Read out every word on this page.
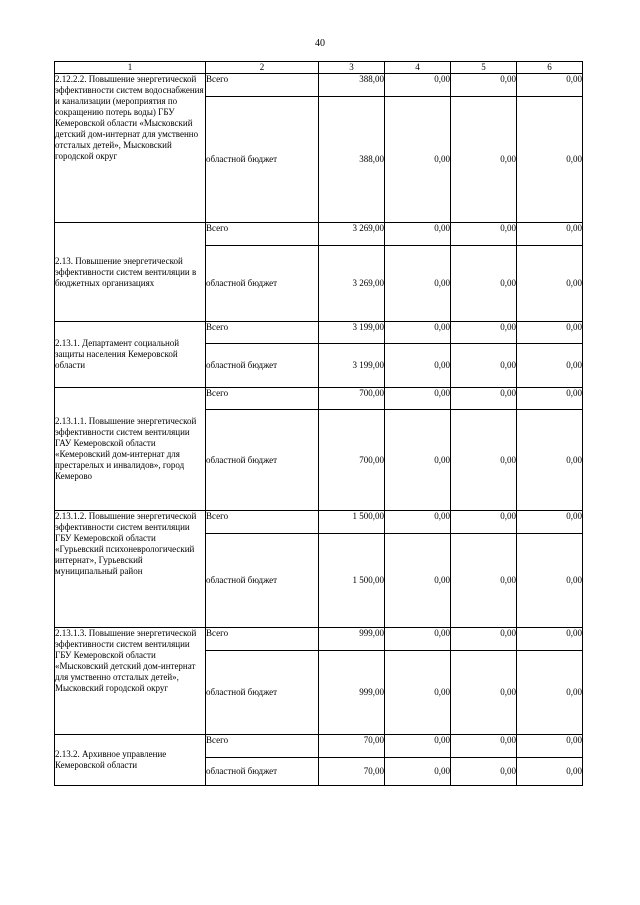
40
1	2	3	4	5	6
2.12.2.2. Повышение энергетической эффективности систем водоснабжения и канализации (мероприятия по сокращению потерь воды) ГБУ Кемеровской области «Мысковский детский дом-интернат для умственно отсталых детей», Мысковский городской округ	Всего	388,00	0,00	0,00	0,00
	областной бюджет	388,00	0,00	0,00	0,00
2.13. Повышение энергетической эффективности систем вентиляции в бюджетных организациях	Всего	3 269,00	0,00	0,00	0,00
	областной бюджет	3 269,00	0,00	0,00	0,00
2.13.1. Департамент социальной защиты населения Кемеровской области	Всего	3 199,00	0,00	0,00	0,00
	областной бюджет	3 199,00	0,00	0,00	0,00
2.13.1.1. Повышение энергетической эффективности систем вентиляции ГАУ Кемеровской области «Кемеровский дом-интернат для престарелых и инвалидов», город Кемерово	Всего	700,00	0,00	0,00	0,00
	областной бюджет	700,00	0,00	0,00	0,00
2.13.1.2. Повышение энергетической эффективности систем вентиляции ГБУ Кемеровской области «Гурьевский психоневрологический интернат», Гурьевский муниципальный район	Всего	1 500,00	0,00	0,00	0,00
	областной бюджет	1 500,00	0,00	0,00	0,00
2.13.1.3. Повышение энергетической эффективности систем вентиляции ГБУ Кемеровской области «Мысковский детский дом-интернат для умственно отсталых детей», Мысковский городской округ	Всего	999,00	0,00	0,00	0,00
	областной бюджет	999,00	0,00	0,00	0,00
2.13.2. Архивное управление Кемеровской области	Всего	70,00	0,00	0,00	0,00
	областной бюджет	70,00	0,00	0,00	0,00
